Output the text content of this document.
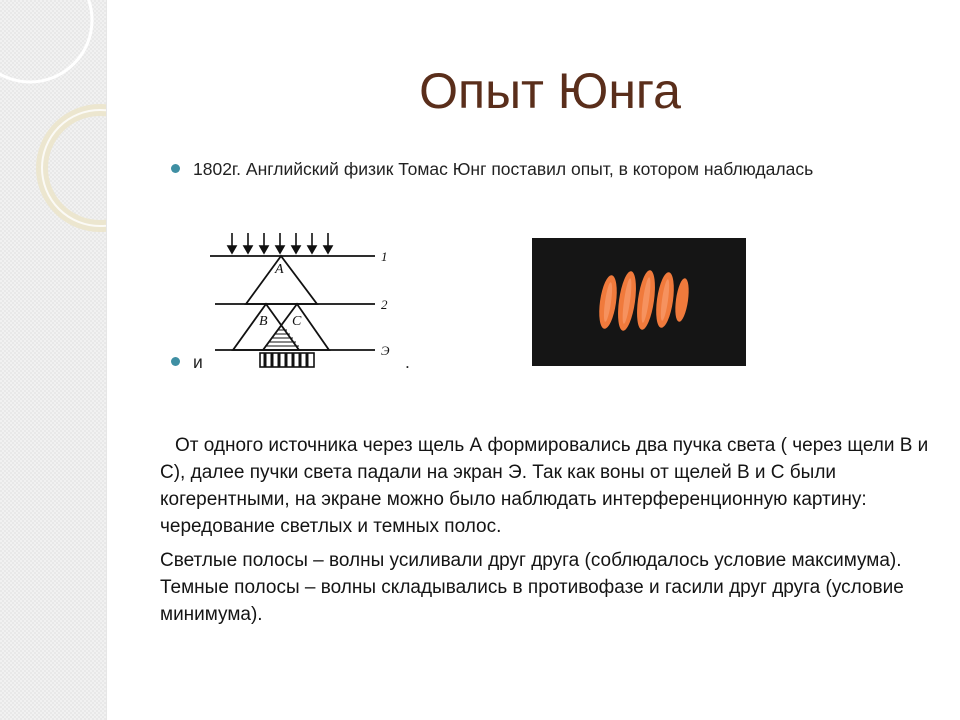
Опыт Юнга
1802г. Английский физик Томас Юнг поставил опыт, в котором наблюдалась
и	.
A
B C
1
2
Э

От одного источника через щель А формировались два пучка света ( через щели В и С), далее пучки света падали на экран Э. Так как воны от щелей В и С были когерентными, на экране можно было наблюдать интерференционную картину: чередование светлых и темных полос.

Светлые полосы – волны усиливали друг друга (соблюдалось условие максимума).
Темные полосы – волны складывались в противофазе и гасили друг друга (условие минимума).
